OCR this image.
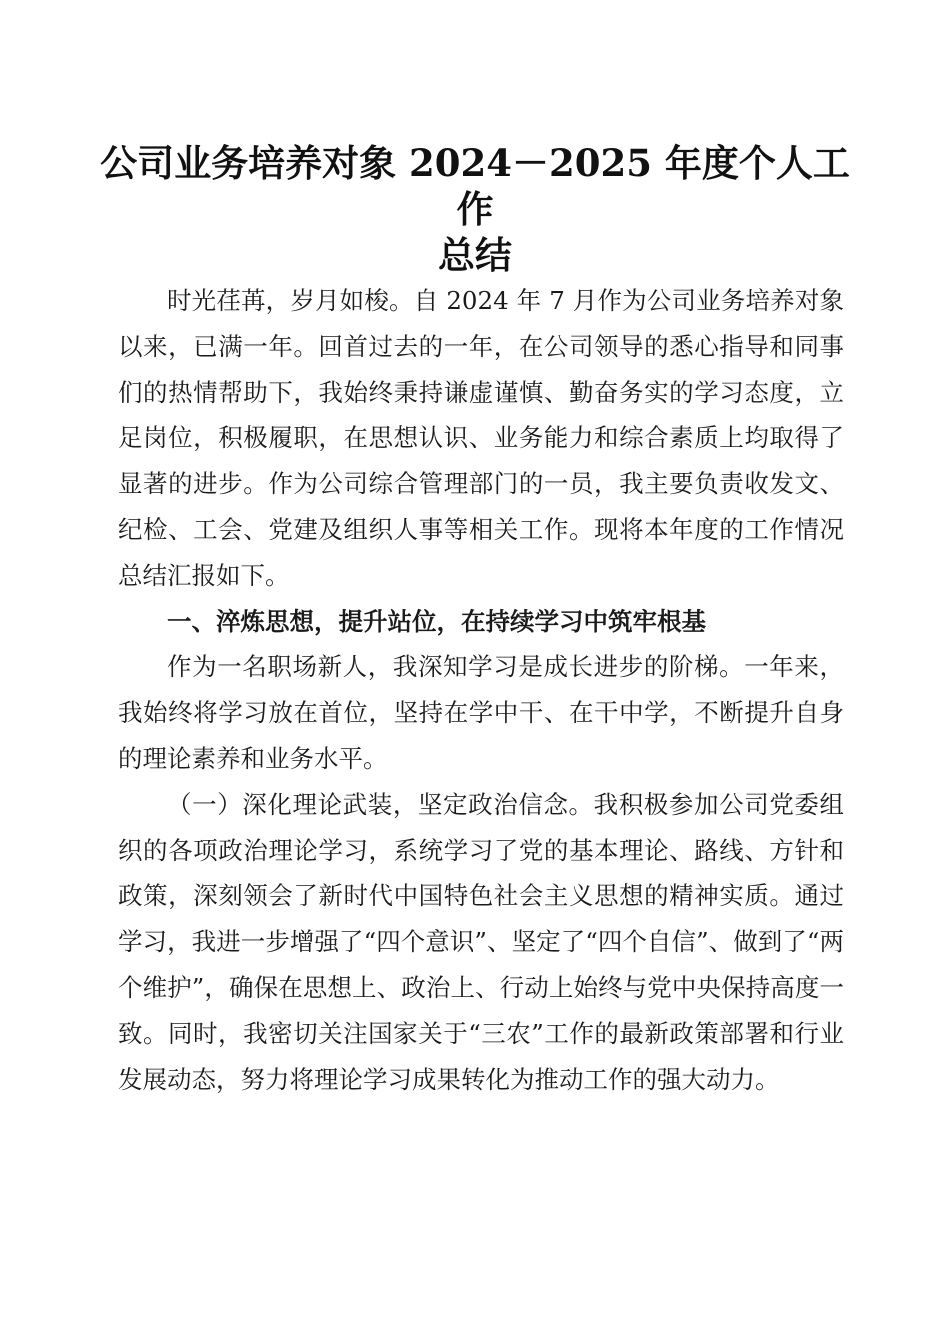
公司业务培养对象 2024－2025 年度个人工作
总结

时光荏苒，岁月如梭。自 2024 年 7 月作为公司业务培养对象以来，已满一年。回首过去的一年，在公司领导的悉心指导和同事们的热情帮助下，我始终秉持谦虚谨慎、勤奋务实的学习态度，立足岗位，积极履职，在思想认识、业务能力和综合素质上均取得了显著的进步。作为公司综合管理部门的一员，我主要负责收发文、纪检、工会、党建及组织人事等相关工作。现将本年度的工作情况总结汇报如下。

一、淬炼思想，提升站位，在持续学习中筑牢根基

作为一名职场新人，我深知学习是成长进步的阶梯。一年来，我始终将学习放在首位，坚持在学中干、在干中学，不断提升自身的理论素养和业务水平。

（一）深化理论武装，坚定政治信念。我积极参加公司党委组织的各项政治理论学习，系统学习了党的基本理论、路线、方针和政策，深刻领会了新时代中国特色社会主义思想的精神实质。通过学习，我进一步增强了“四个意识”、坚定了“四个自信”、做到了“两个维护”，确保在思想上、政治上、行动上始终与党中央保持高度一致。同时，我密切关注国家关于“三农”工作的最新政策部署和行业发展动态，努力将理论学习成果转化为推动工作的强大动力。
